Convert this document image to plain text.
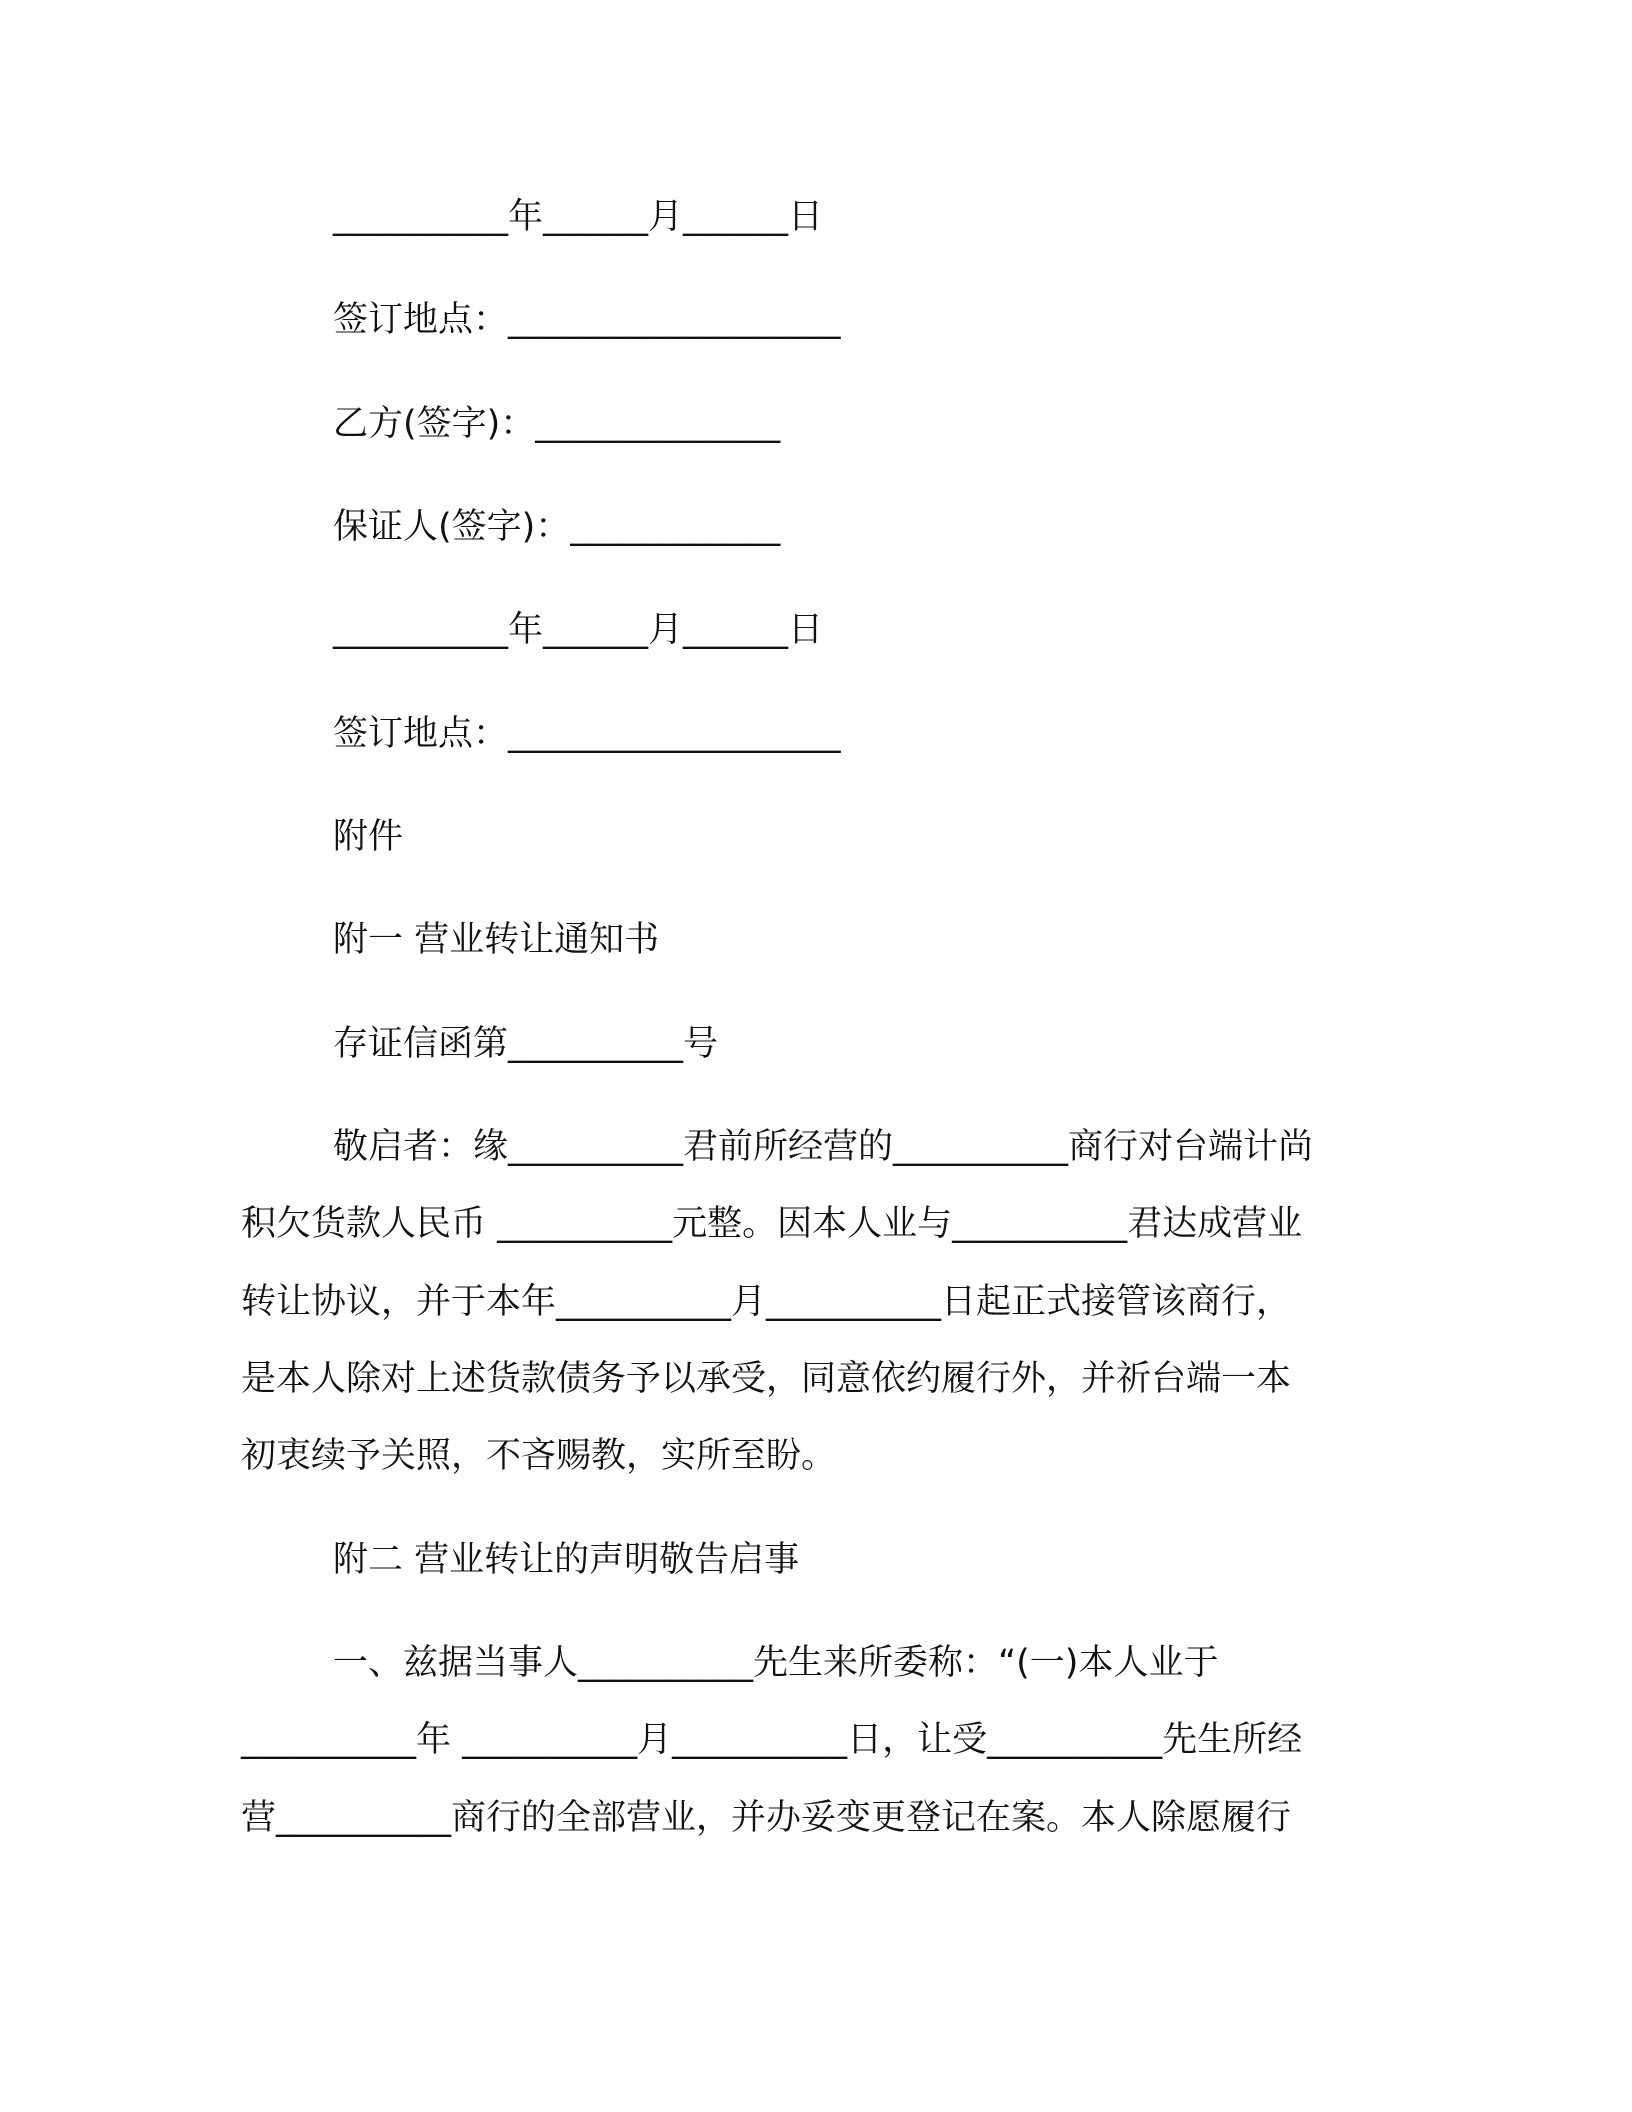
__________年______月______日
签订地点：___________________
乙方(签字)：______________
保证人(签字)：____________
__________年______月______日
签订地点：___________________
附件
附一 营业转让通知书
存证信函第__________号
敬启者：缘__________君前所经营的__________商行对台端计尚
积欠货款人民币 __________元整。因本人业与__________君达成营业
转让协议，并于本年__________月__________日起正式接管该商行，
是本人除对上述货款债务予以承受，同意依约履行外，并祈台端一本
初衷续予关照，不吝赐教，实所至盼。
附二 营业转让的声明敬告启事
一、兹据当事人__________先生来所委称：“(一)本人业于
__________年 __________月__________日，让受__________先生所经
营__________商行的全部营业，并办妥变更登记在案。本人除愿履行
